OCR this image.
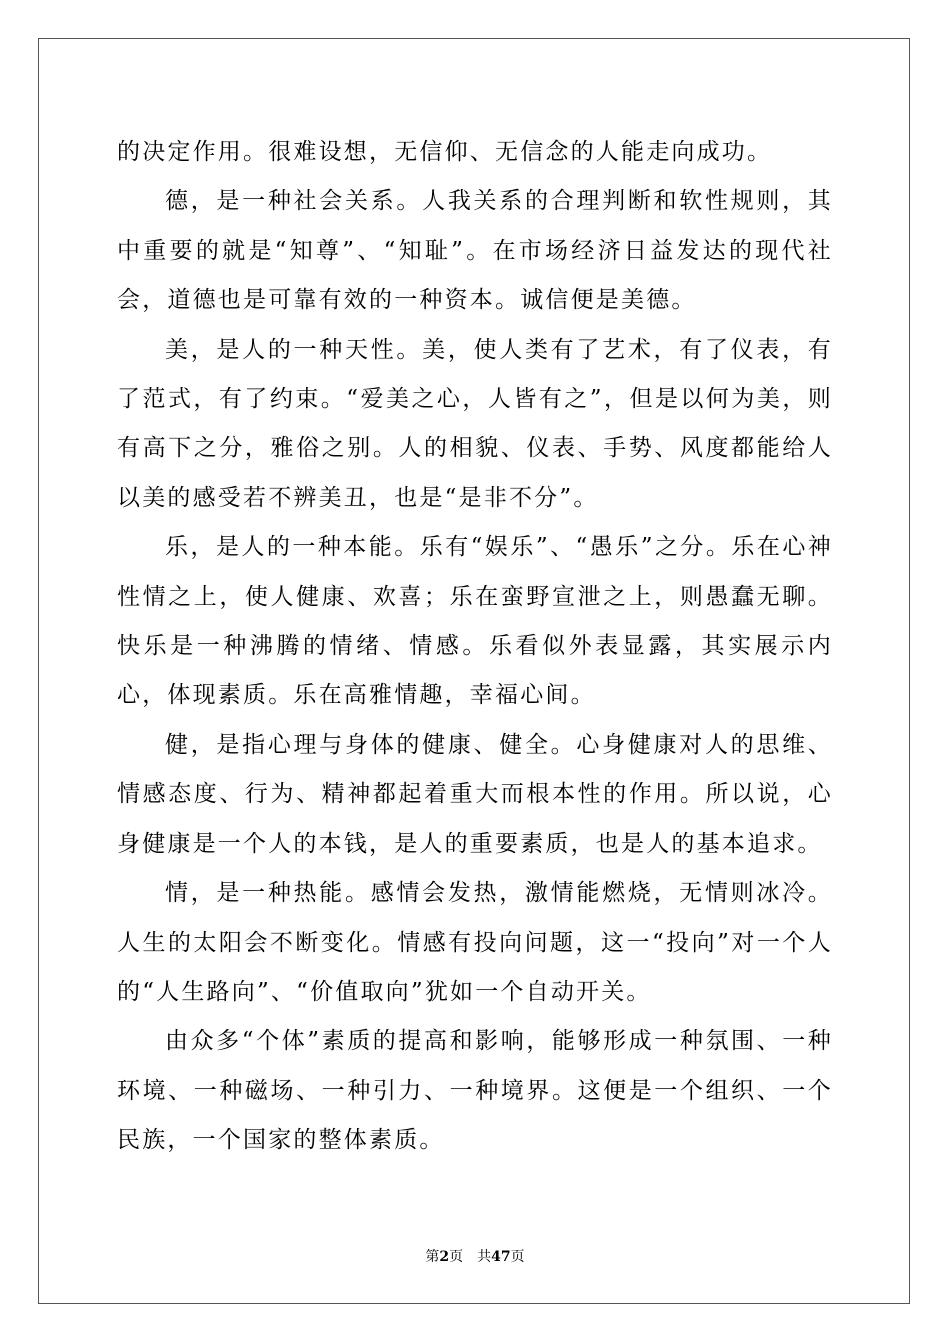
的决定作用。很难设想，无信仰、无信念的人能走向成功。

德，是一种社会关系。人我关系的合理判断和软性规则，其中重要的就是“知尊”、“知耻”。在市场经济日益发达的现代社会，道德也是可靠有效的一种资本。诚信便是美德。

美，是人的一种天性。美，使人类有了艺术，有了仪表，有了范式，有了约束。“爱美之心，人皆有之”，但是以何为美，则有高下之分，雅俗之别。人的相貌、仪表、手势、风度都能给人以美的感受若不辨美丑，也是“是非不分”。

乐，是人的一种本能。乐有“娱乐”、“愚乐”之分。乐在心神性情之上，使人健康、欢喜；乐在蛮野宣泄之上，则愚蠢无聊。快乐是一种沸腾的情绪、情感。乐看似外表显露，其实展示内心，体现素质。乐在高雅情趣，幸福心间。

健，是指心理与身体的健康、健全。心身健康对人的思维、情感态度、行为、精神都起着重大而根本性的作用。所以说，心身健康是一个人的本钱，是人的重要素质，也是人的基本追求。

情，是一种热能。感情会发热，激情能燃烧，无情则冰冷。人生的太阳会不断变化。情感有投向问题，这一“投向”对一个人的“人生路向”、“价值取向”犹如一个自动开关。

由众多“个体”素质的提高和影响，能够形成一种氛围、一种环境、一种磁场、一种引力、一种境界。这便是一个组织、一个民族，一个国家的整体素质。

第2页 共47页
